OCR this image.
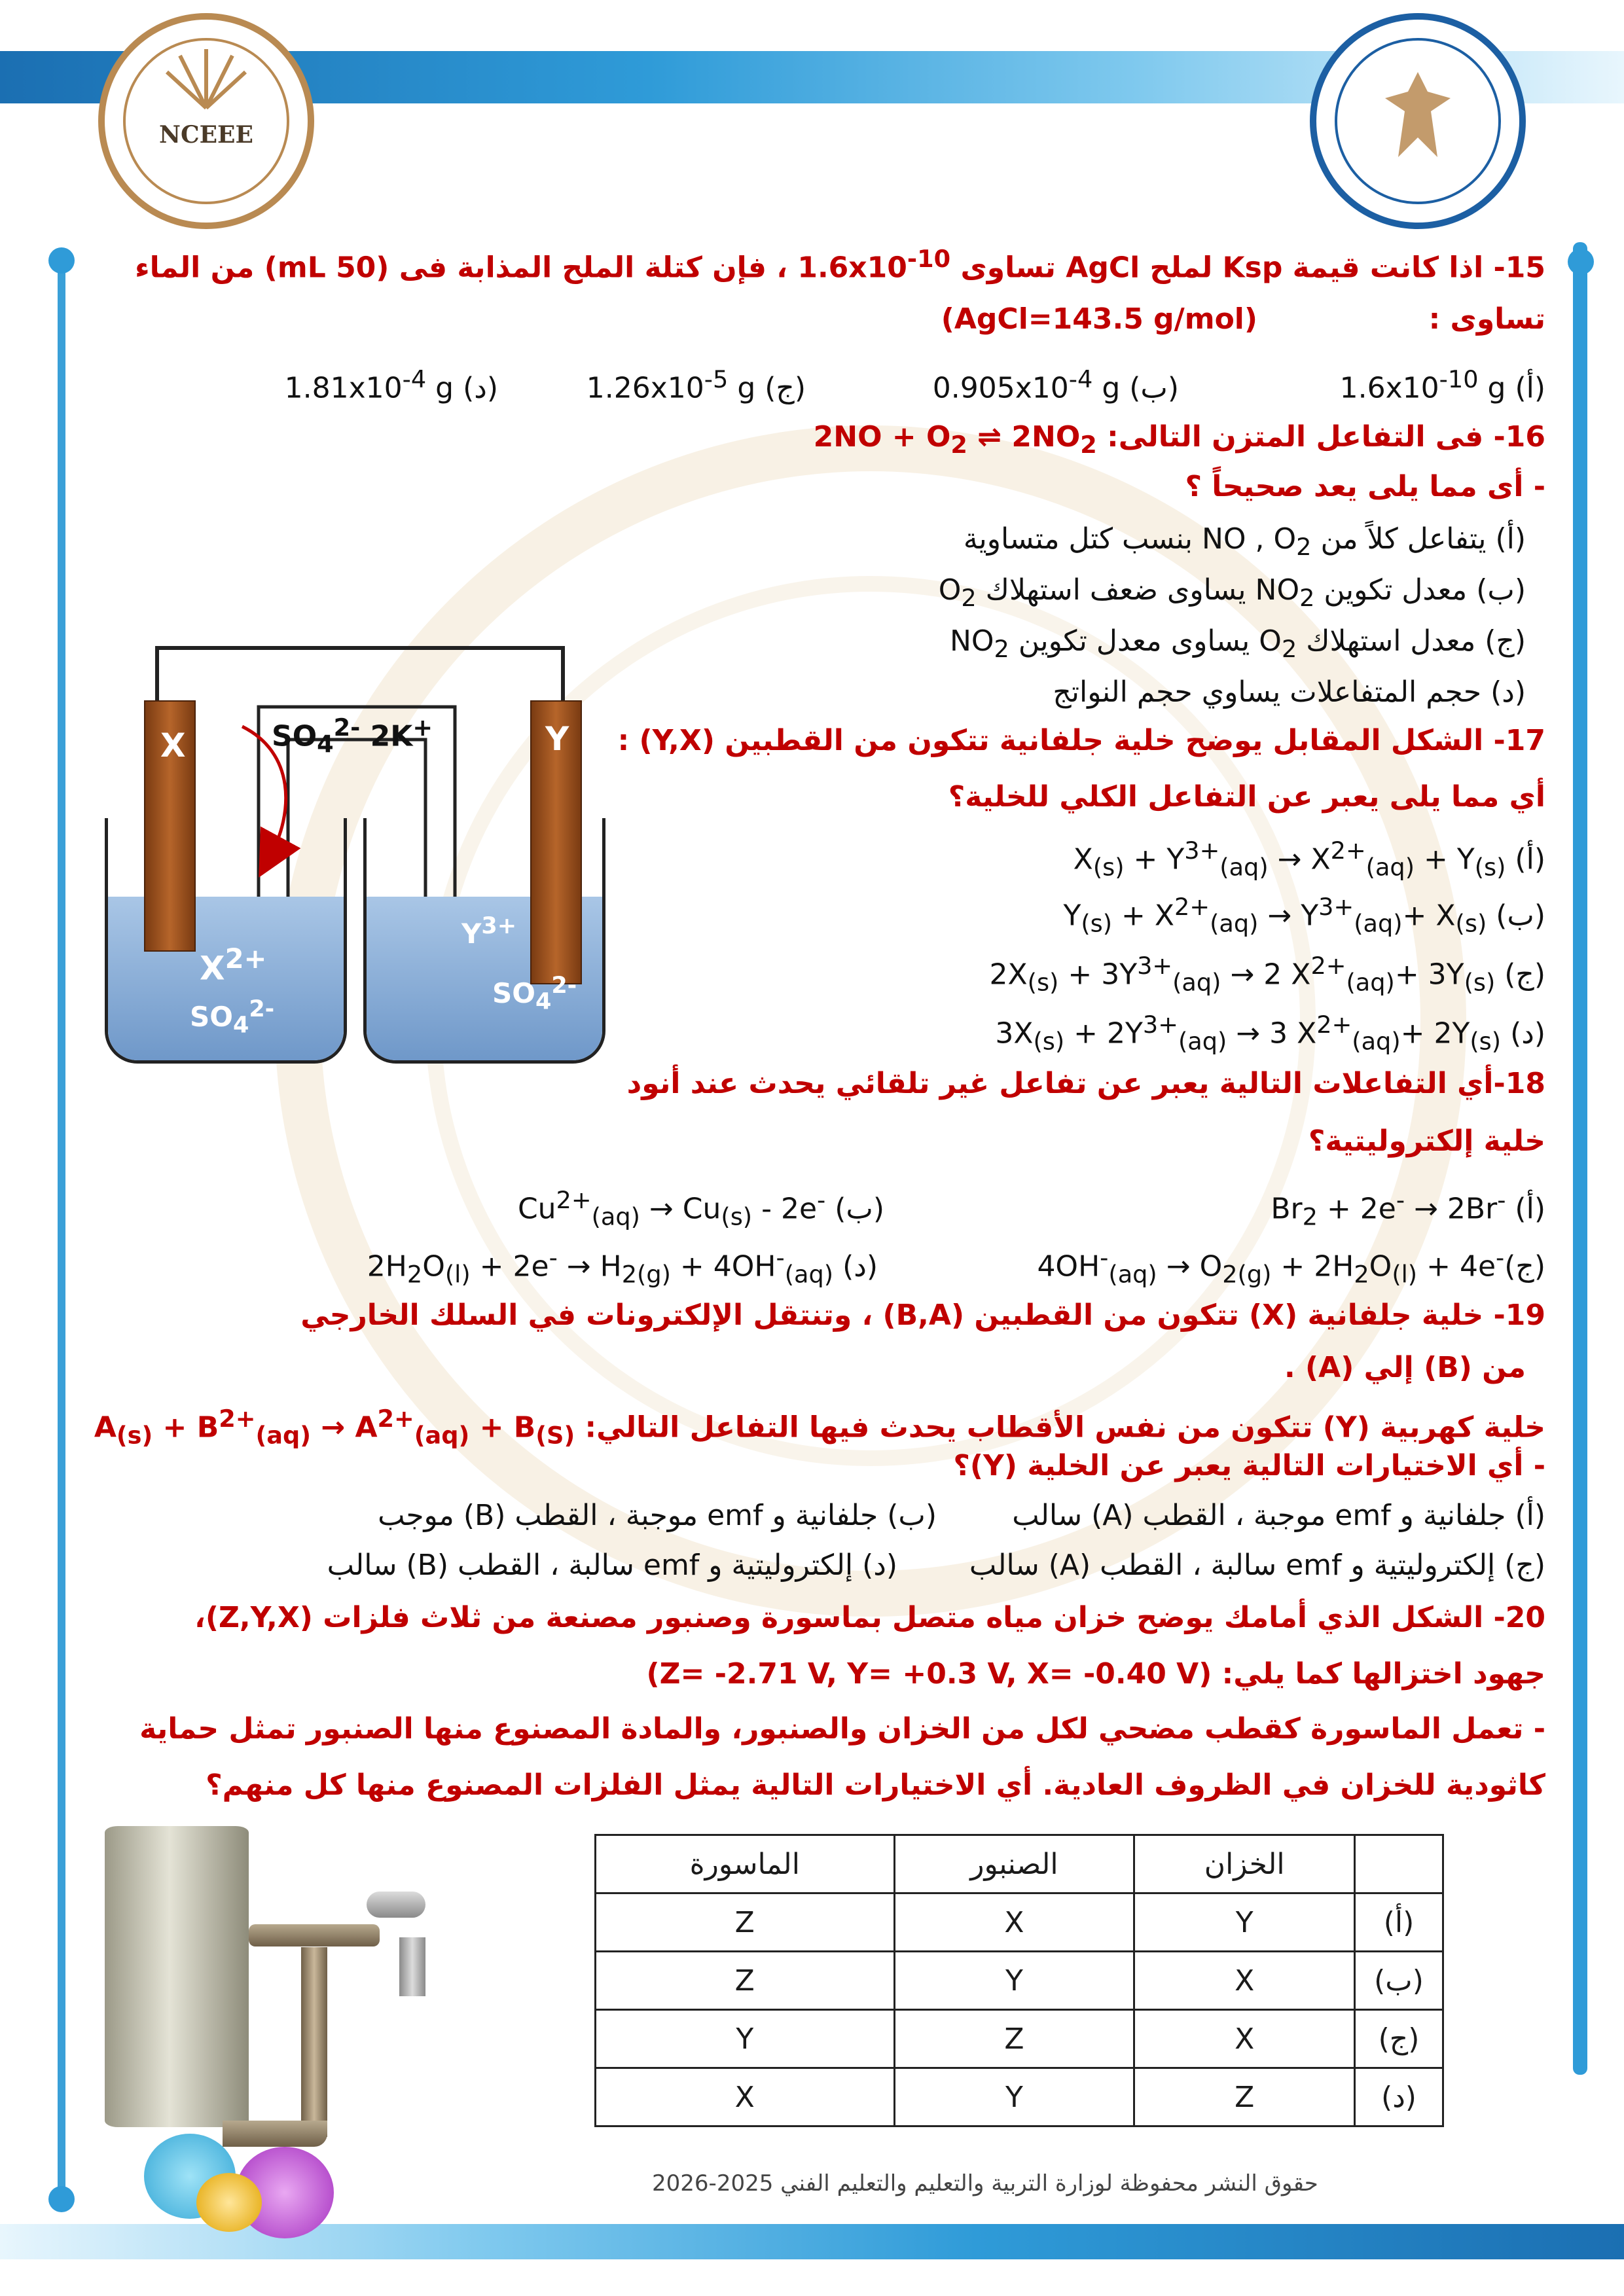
NCEEE
15- اذا كانت قيمة Ksp لملح AgCl تساوى $1.6x10^{-10}$ ، فإن كتلة الملح المذابة فى (50 mL) من الماء
تساوى :
(AgCl=143.5 g/mol)
(أ) $1.6x10^{-10}$ g
(ب) $0.905x10^{-4}$ g
(ج) $1.26x10^{-5}$ g
(د) $1.81x10^{-4}$ g
16- فى التفاعل المتزن التالى: $2NO + O_2$ ⇌ $2NO_2$
- أى مما يلى يعد صحيحاً ؟
(أ) يتفاعل كلاً من NO , $O_2$ بنسب كتل متساوية
(ب) معدل تكوين $NO_2$ يساوى ضعف استهلاك $O_2$
(ج) معدل استهلاك $O_2$ يساوى معدل تكوين $NO_2$
(د) حجم المتفاعلات يساوي حجم النواتج
17- الشكل المقابل يوضح خلية جلفانية تتكون من القطبين (Y,X) :
أي مما يلى يعبر عن التفاعل الكلي للخلية؟
$X_{(s)} + Y^{3+}_{(aq)} \to X^{2+}_{(aq)} + Y_{(s)}$ (أ)
$Y_{(s)} + X^{2+}_{(aq)} \to Y^{3+}_{(aq)}+ X_{(s)}$ (ب)
$2X_{(s)} + 3Y^{3+}_{(aq)} \to 2$ $X^{2+}_{(aq)}+ 3Y_{(s)}$ (ج)
$3X_{(s)} + 2Y^{3+}_{(aq)} \to 3$ $X^{2+}_{(aq)}+ 2Y_{(s)}$ (د)
X	Y
$SO_4^{2-}$ 2K+
$X^{2+}$
$SO_4^{2-}$
$Y^{3+}$
$SO_4^{2-}$
18-أي التفاعلات التالية يعبر عن تفاعل غير تلقائي يحدث عند أنود
خلية إلكتروليتية؟
$Br_2 + 2e^- \to 2Br^-$ (أ)
$Cu^{2+}_{(aq)} \to Cu_{(s)} - 2e^-$ (ب)
$4OH^-_{(aq)} \to O_{2(g)} + 2H_2O_{(l)}$ + 4e-(ج)
$2H_2O_{(l)} + 2e^- \to H_{2(g)} + 4OH^-_{(aq)}$ (د)
19- خلية جلفانية (X) تتكون من القطبين (B,A) ، وتنتقل الإلكترونات في السلك الخارجي
من (B) إلي (A) .
خلية كهربية (Y) تتكون من نفس الأقطاب يحدث فيها التفاعل التالي: $A_{(s)} + B^{2+}_{(aq)} \to A^{2+}_{(aq)} + B_{(S)}$
- أي الاختيارات التالية يعبر عن الخلية (Y)؟
(أ) جلفانية و emf موجبة ، القطب (A) سالب
(ب) جلفانية و emf موجبة ، القطب (B) موجب
(ج) إلكتروليتية و emf سالبة ، القطب (A) سالب
(د) إلكتروليتية و emf سالبة ، القطب (B) سالب
20- الشكل الذي أمامك يوضح خزان مياه متصل بماسورة وصنبور مصنعة من ثلاث فلزات (Z,Y,X)،
جهود اختزالها كما يلي: (Z= -2.71 V, Y= +0.3 V, X= -0.40 V)
- تعمل الماسورة كقطب مضحي لكل من الخزان والصنبور، والمادة المصنوع منها الصنبور تمثل حماية
كاثودية للخزان في الظروف العادية. أي الاختيارات التالية يمثل الفلزات المصنوع منها كل منهم؟
	الخزان	الصنبور	الماسورة
(أ)	Y	X	Z
(ب)	X	Y	Z
(ج)	X	Z	Y
(د)	Z	Y	X
حقوق النشر محفوظة لوزارة التربية والتعليم والتعليم الفني 2025-2026
